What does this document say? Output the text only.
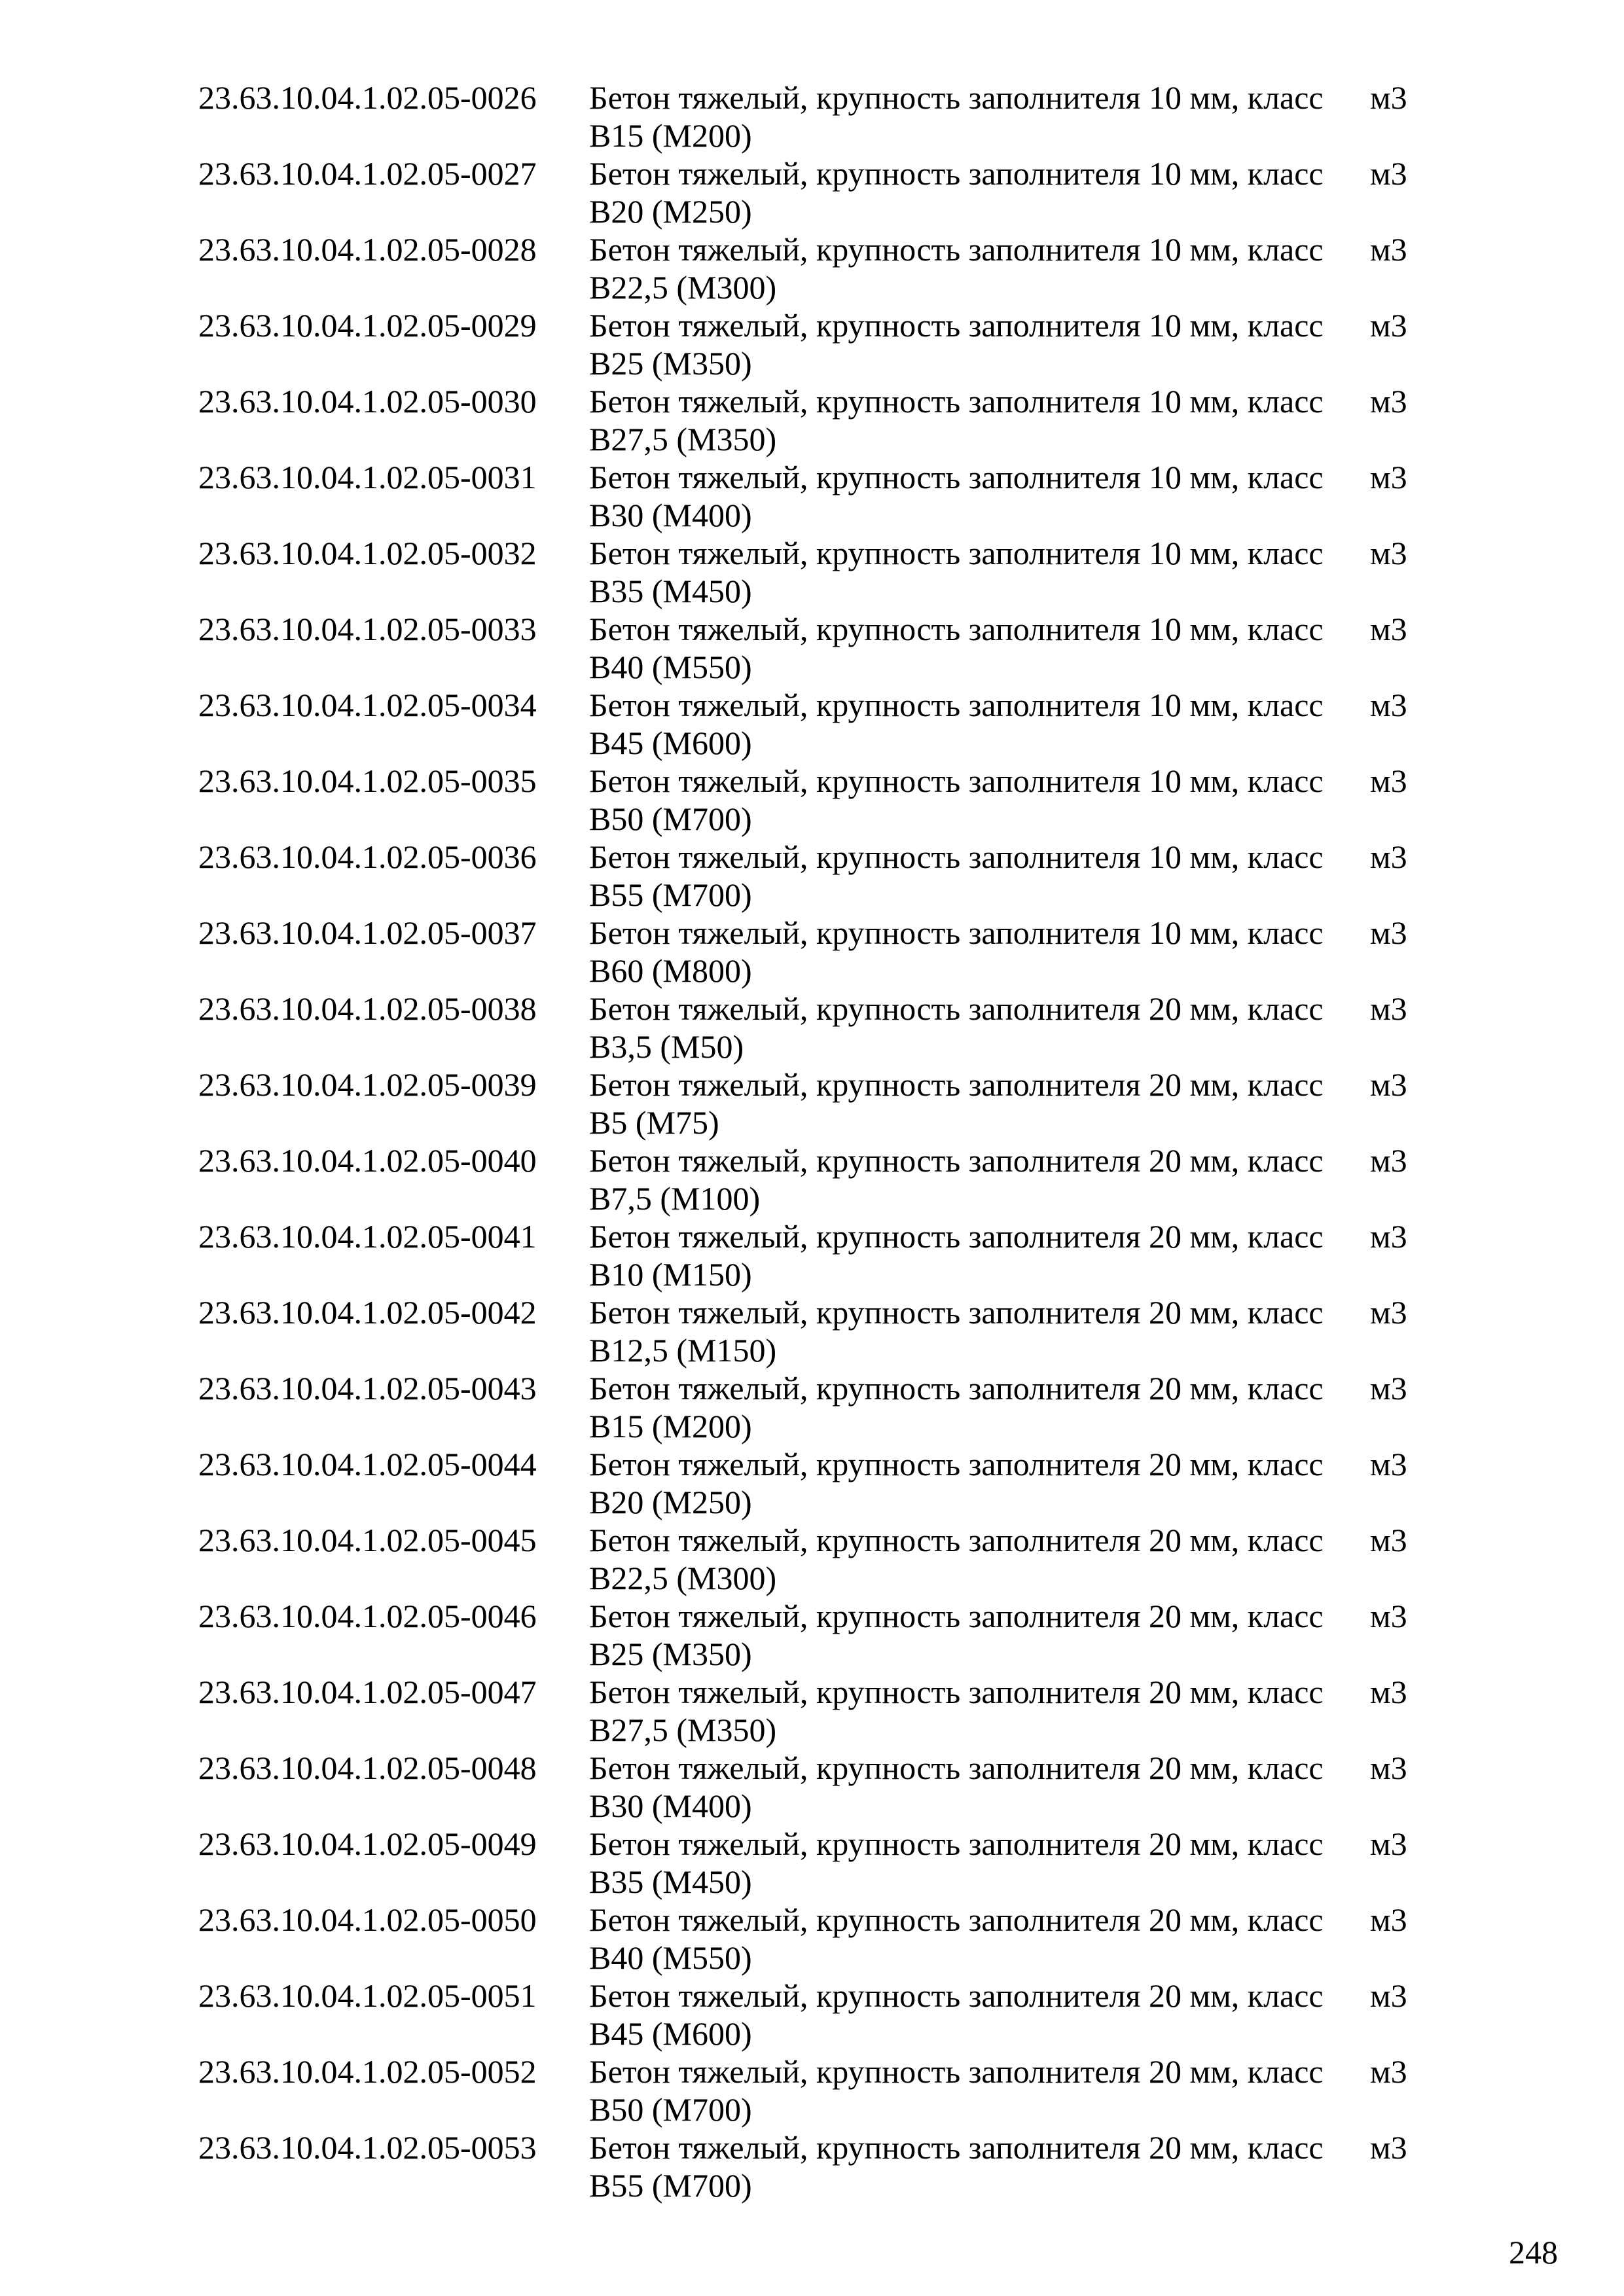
23.63.10.04.1.02.05-0026 Бетон тяжелый, крупность заполнителя 10 мм, класс
В15 (М200)
м3
23.63.10.04.1.02.05-0027 Бетон тяжелый, крупность заполнителя 10 мм, класс
В20 (М250)
м3
23.63.10.04.1.02.05-0028 Бетон тяжелый, крупность заполнителя 10 мм, класс
В22,5 (М300)
м3
23.63.10.04.1.02.05-0029 Бетон тяжелый, крупность заполнителя 10 мм, класс
В25 (М350)
м3
23.63.10.04.1.02.05-0030 Бетон тяжелый, крупность заполнителя 10 мм, класс
В27,5 (М350)
м3
23.63.10.04.1.02.05-0031 Бетон тяжелый, крупность заполнителя 10 мм, класс
В30 (М400)
м3
23.63.10.04.1.02.05-0032 Бетон тяжелый, крупность заполнителя 10 мм, класс
В35 (М450)
м3
23.63.10.04.1.02.05-0033 Бетон тяжелый, крупность заполнителя 10 мм, класс
В40 (М550)
м3
23.63.10.04.1.02.05-0034 Бетон тяжелый, крупность заполнителя 10 мм, класс
В45 (М600)
м3
23.63.10.04.1.02.05-0035 Бетон тяжелый, крупность заполнителя 10 мм, класс
В50 (М700)
м3
23.63.10.04.1.02.05-0036 Бетон тяжелый, крупность заполнителя 10 мм, класс
В55 (М700)
м3
23.63.10.04.1.02.05-0037 Бетон тяжелый, крупность заполнителя 10 мм, класс
В60 (М800)
м3
23.63.10.04.1.02.05-0038 Бетон тяжелый, крупность заполнителя 20 мм, класс
В3,5 (М50)
м3
23.63.10.04.1.02.05-0039 Бетон тяжелый, крупность заполнителя 20 мм, класс
В5 (М75)
м3
23.63.10.04.1.02.05-0040 Бетон тяжелый, крупность заполнителя 20 мм, класс
В7,5 (М100)
м3
23.63.10.04.1.02.05-0041 Бетон тяжелый, крупность заполнителя 20 мм, класс
В10 (М150)
м3
23.63.10.04.1.02.05-0042 Бетон тяжелый, крупность заполнителя 20 мм, класс
В12,5 (М150)
м3
23.63.10.04.1.02.05-0043 Бетон тяжелый, крупность заполнителя 20 мм, класс
В15 (М200)
м3
23.63.10.04.1.02.05-0044 Бетон тяжелый, крупность заполнителя 20 мм, класс
В20 (М250)
м3
23.63.10.04.1.02.05-0045 Бетон тяжелый, крупность заполнителя 20 мм, класс
В22,5 (М300)
м3
23.63.10.04.1.02.05-0046 Бетон тяжелый, крупность заполнителя 20 мм, класс
В25 (М350)
м3
23.63.10.04.1.02.05-0047 Бетон тяжелый, крупность заполнителя 20 мм, класс
В27,5 (М350)
м3
23.63.10.04.1.02.05-0048 Бетон тяжелый, крупность заполнителя 20 мм, класс
В30 (М400)
м3
23.63.10.04.1.02.05-0049 Бетон тяжелый, крупность заполнителя 20 мм, класс
В35 (М450)
м3
23.63.10.04.1.02.05-0050 Бетон тяжелый, крупность заполнителя 20 мм, класс
В40 (М550)
м3
23.63.10.04.1.02.05-0051 Бетон тяжелый, крупность заполнителя 20 мм, класс
В45 (М600)
м3
23.63.10.04.1.02.05-0052 Бетон тяжелый, крупность заполнителя 20 мм, класс
В50 (М700)
м3
23.63.10.04.1.02.05-0053 Бетон тяжелый, крупность заполнителя 20 мм, класс
В55 (М700)
м3
248
